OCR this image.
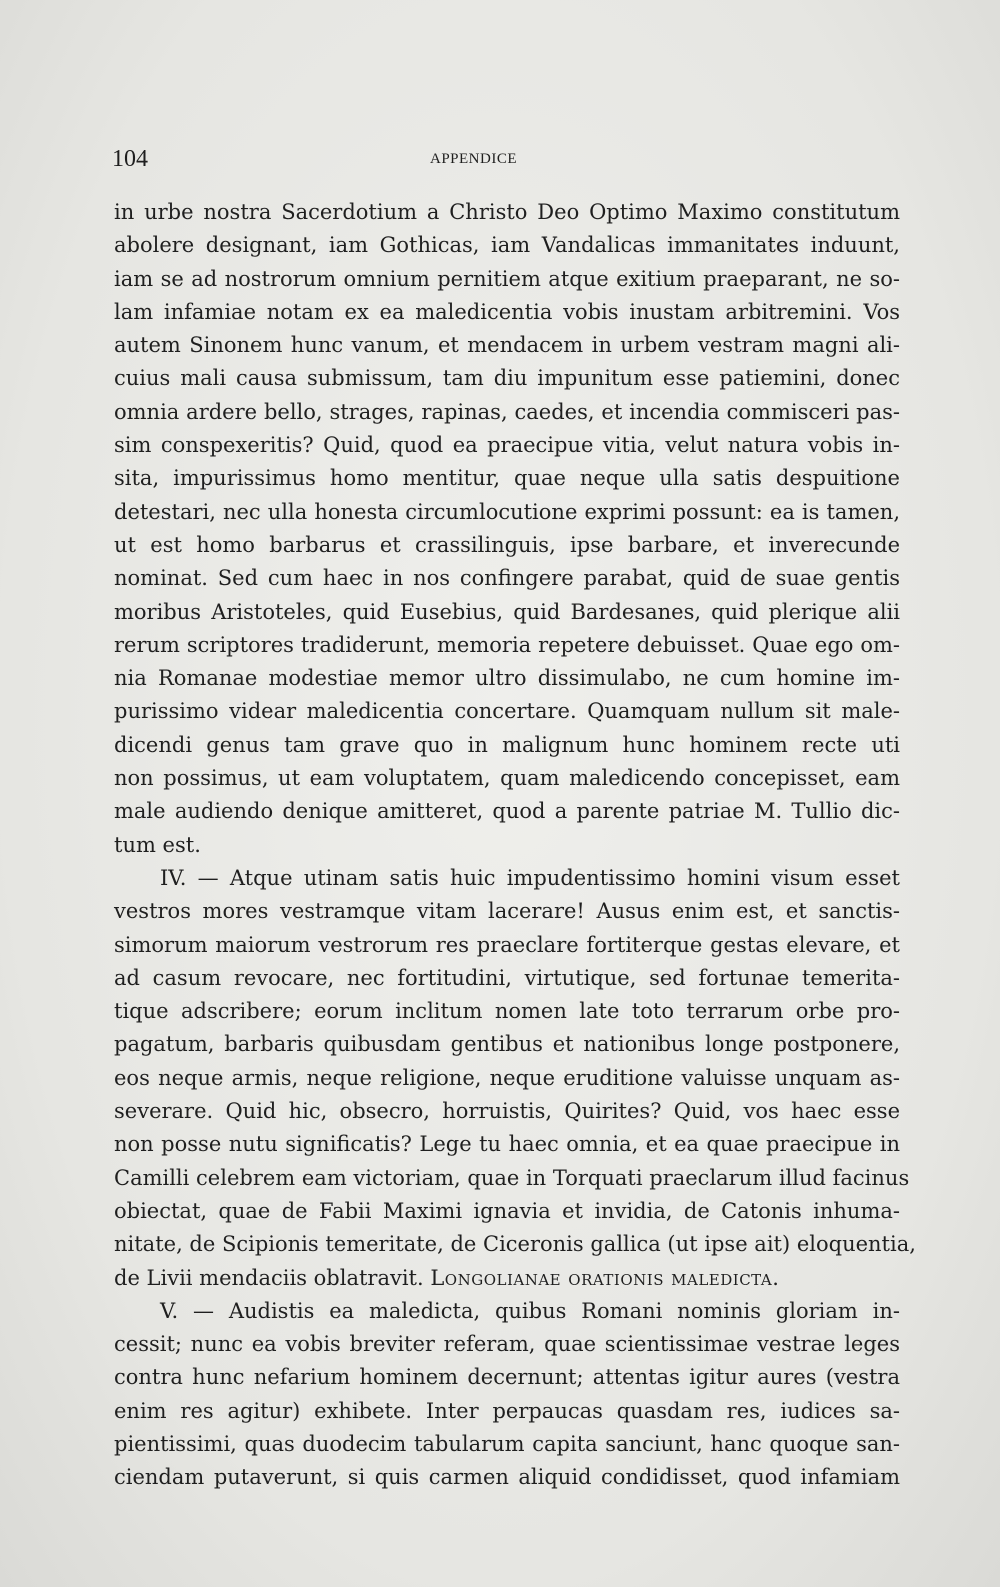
104	APPENDICE
in urbe nostra Sacerdotium a Christo Deo Optimo Maximo constitutum
abolere designant, iam Gothicas, iam Vandalicas immanitates induunt,
iam se ad nostrorum omnium pernitiem atque exitium praeparant, ne so-
lam infamiae notam ex ea maledicentia vobis inustam arbitremini. Vos
autem Sinonem hunc vanum, et mendacem in urbem vestram magni ali-
cuius mali causa submissum, tam diu impunitum esse patiemini, donec
omnia ardere bello, strages, rapinas, caedes, et incendia commisceri pas-
sim conspexeritis? Quid, quod ea praecipue vitia, velut natura vobis in-
sita, impurissimus homo mentitur, quae neque ulla satis despuitione
detestari, nec ulla honesta circumlocutione exprimi possunt: ea is tamen,
ut est homo barbarus et crassilinguis, ipse barbare, et inverecunde
nominat. Sed cum haec in nos confingere parabat, quid de suae gentis
moribus Aristoteles, quid Eusebius, quid Bardesanes, quid plerique alii
rerum scriptores tradiderunt, memoria repetere debuisset. Quae ego om-
nia Romanae modestiae memor ultro dissimulabo, ne cum homine im-
purissimo videar maledicentia concertare. Quamquam nullum sit male-
dicendi genus tam grave quo in malignum hunc hominem recte uti
non possimus, ut eam voluptatem, quam maledicendo concepisset, eam
male audiendo denique amitteret, quod a parente patriae M. Tullio dic-
tum est.
IV. — Atque utinam satis huic impudentissimo homini visum esset
vestros mores vestramque vitam lacerare! Ausus enim est, et sanctis-
simorum maiorum vestrorum res praeclare fortiterque gestas elevare, et
ad casum revocare, nec fortitudini, virtutique, sed fortunae temerita-
tique adscribere; eorum inclitum nomen late toto terrarum orbe pro-
pagatum, barbaris quibusdam gentibus et nationibus longe postponere,
eos neque armis, neque religione, neque eruditione valuisse unquam as-
severare. Quid hic, obsecro, horruistis, Quirites? Quid, vos haec esse
non posse nutu significatis? Lege tu haec omnia, et ea quae praecipue in
Camilli celebrem eam victoriam, quae in Torquati praeclarum illud facinus
obiectat, quae de Fabii Maximi ignavia et invidia, de Catonis inhuma-
nitate, de Scipionis temeritate, de Ciceronis gallica (ut ipse ait) eloquentia,
de Livii mendaciis oblatravit. Longolianae orationis maledicta.
V. — Audistis ea maledicta, quibus Romani nominis gloriam in-
cessit; nunc ea vobis breviter referam, quae scientissimae vestrae leges
contra hunc nefarium hominem decernunt; attentas igitur aures (vestra
enim res agitur) exhibete. Inter perpaucas quasdam res, iudices sa-
pientissimi, quas duodecim tabularum capita sanciunt, hanc quoque san-
ciendam putaverunt, si quis carmen aliquid condidisset, quod infamiam
